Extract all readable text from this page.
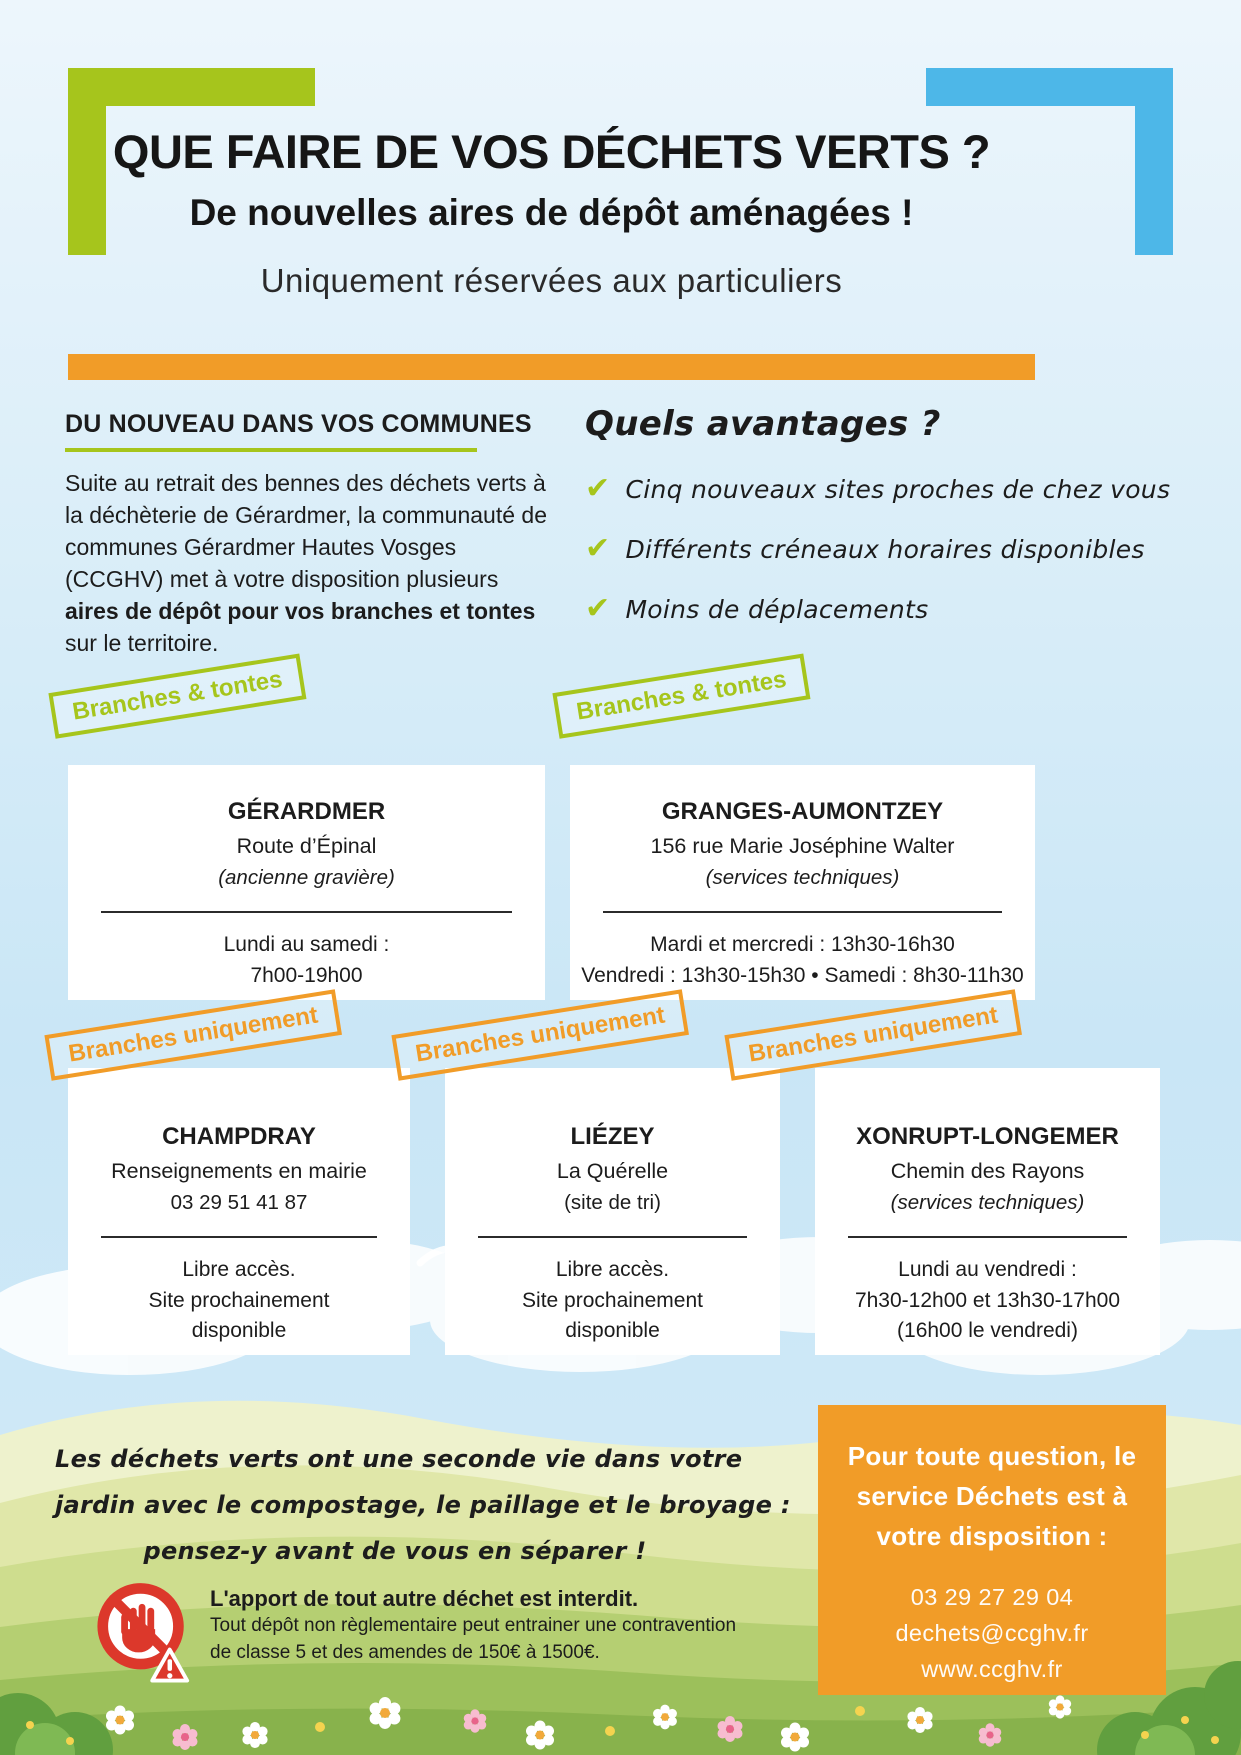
QUE FAIRE DE VOS DÉCHETS VERTS ?
De nouvelles aires de dépôt aménagées !
Uniquement réservées aux particuliers
DU NOUVEAU DANS VOS COMMUNES

Suite au retrait des bennes des déchets verts à la déchèterie de Gérardmer, la communauté de communes Gérardmer Hautes Vosges (CCGHV) met à votre disposition plusieurs aires de dépôt pour vos branches et tontes sur le territoire.

Quels avantages ?
✔ Cinq nouveaux sites proches de chez vous
✔ Différents créneaux horaires disponibles
✔ Moins de déplacements
Branches & tontes
GÉRARDMER
Route d’Épinal
(ancienne gravière)
Lundi au samedi :
7h00-19h00
Branches & tontes
GRANGES-AUMONTZEY
156 rue Marie Joséphine Walter
(services techniques)
Mardi et mercredi : 13h30-16h30
Vendredi : 13h30-15h30 • Samedi : 8h30-11h30
Branches uniquement
CHAMPDRAY
Renseignements en mairie
03 29 51 41 87
Libre accès.
Site prochainement
disponible
Branches uniquement
LIÉZEY
La Quérelle
(site de tri)
Libre accès.
Site prochainement
disponible
Branches uniquement
XONRUPT-LONGEMER
Chemin des Rayons
(services techniques)
Lundi au vendredi :
7h30-12h00 et 13h30-17h00
(16h00 le vendredi)
Les déchets verts ont une seconde vie dans votre
jardin avec le compostage, le paillage et le broyage :
pensez-y avant de vous en séparer !
L'apport de tout autre déchet est interdit.
Tout dépôt non règlementaire peut entrainer une contravention
de classe 5 et des amendes de 150€ à 1500€.
Pour toute question, le
service Déchets est à
votre disposition :
03 29 27 29 04
dechets@ccghv.fr
www.ccghv.fr
